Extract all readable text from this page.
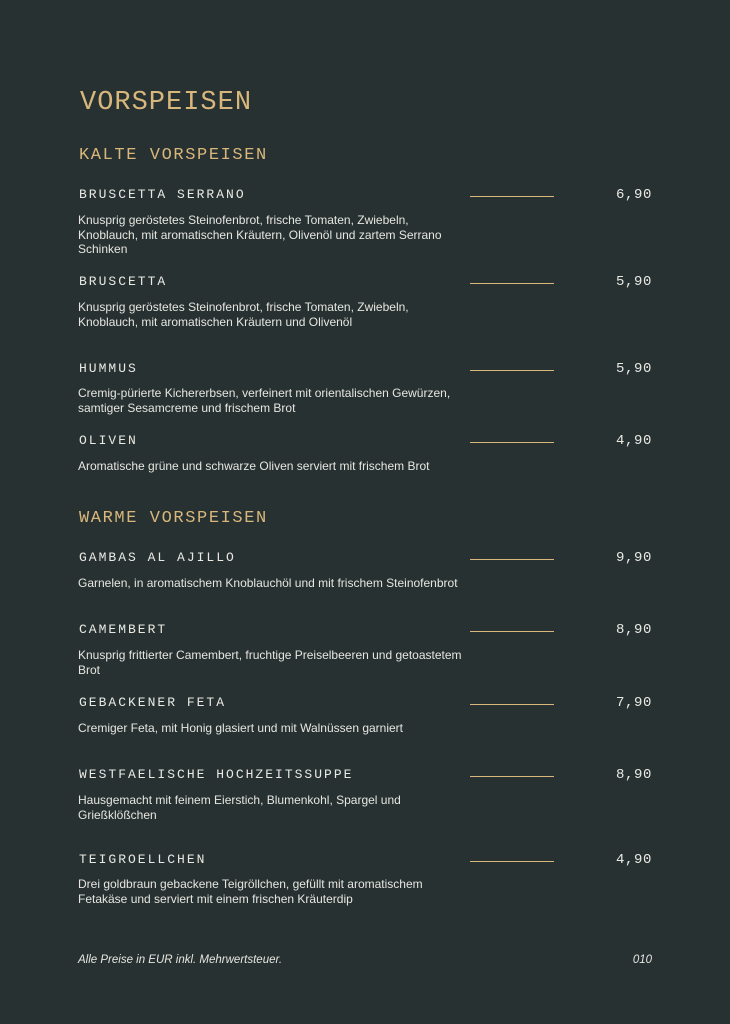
VORSPEISEN
KALTE VORSPEISEN
BRUSCETTA SERRANO	6,90
Knusprig geröstetes Steinofenbrot, frische Tomaten, Zwiebeln, Knoblauch, mit aromatischen Kräutern, Olivenöl und zartem Serrano Schinken
BRUSCETTA	5,90
Knusprig geröstetes Steinofenbrot, frische Tomaten, Zwiebeln, Knoblauch, mit aromatischen Kräutern und Olivenöl
HUMMUS	5,90
Cremig-pürierte Kichererbsen, verfeinert mit orientalischen Gewürzen, samtiger Sesamcreme und frischem Brot
OLIVEN	4,90
Aromatische grüne und schwarze Oliven serviert mit frischem Brot
WARME VORSPEISEN
GAMBAS AL AJILLO	9,90
Garnelen, in aromatischem Knoblauchöl und mit frischem Steinofenbrot
CAMEMBERT	8,90
Knusprig frittierter Camembert, fruchtige Preiselbeeren und getoastetem Brot
GEBACKENER FETA	7,90
Cremiger Feta, mit Honig glasiert und mit Walnüssen garniert
WESTFAELISCHE HOCHZEITSSUPPE	8,90
Hausgemacht mit feinem Eierstich, Blumenkohl, Spargel und Grießklößchen
TEIGROELLCHEN	4,90
Drei goldbraun gebackene Teigröllchen, gefüllt mit aromatischem Fetakäse und serviert mit einem frischen Kräuterdip
Alle Preise in EUR inkl. Mehrwertsteuer.	010
